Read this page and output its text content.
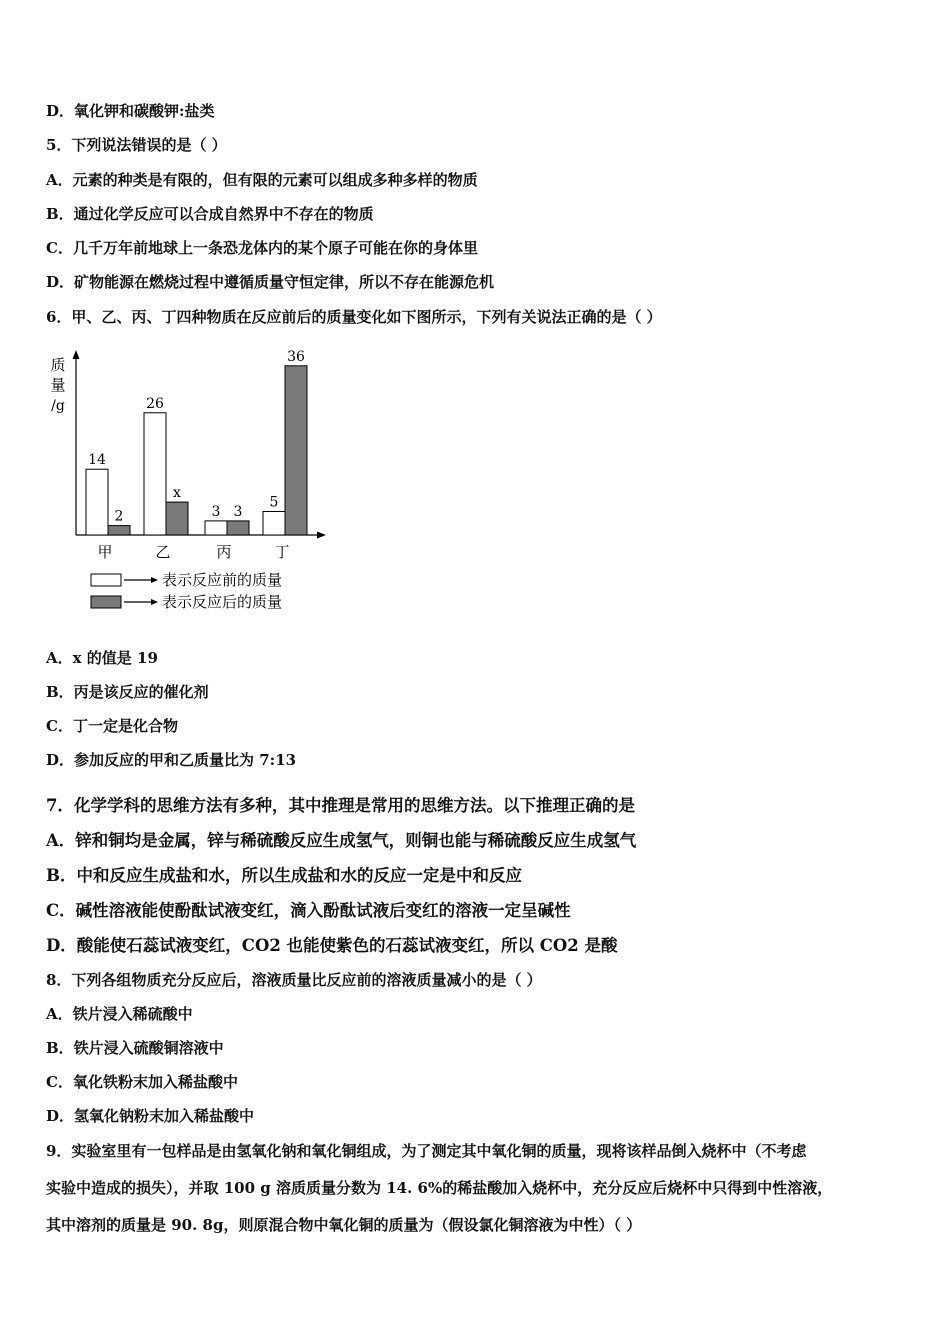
D．氧化钾和碳酸钾:盐类
5．下列说法错误的是（ ）
A．元素的种类是有限的，但有限的元素可以组成多种多样的物质
B．通过化学反应可以合成自然界中不存在的物质
C．几千万年前地球上一条恐龙体内的某个原子可能在你的身体里
D．矿物能源在燃烧过程中遵循质量守恒定律，所以不存在能源危机
6．甲、乙、丙、丁四种物质在反应前后的质量变化如下图所示，下列有关说法正确的是（ ）
质
量
/g
14
2
26
x
3 3
5
36
甲	乙	丙	丁
表示反应前的质量
表示反应后的质量
A．x 的值是 19
B．丙是该反应的催化剂
C．丁一定是化合物
D．参加反应的甲和乙质量比为 7:13
7．化学学科的思维方法有多种，其中推理是常用的思维方法。以下推理正确的是
A．锌和铜均是金属，锌与稀硫酸反应生成氢气，则铜也能与稀硫酸反应生成氢气
B．中和反应生成盐和水，所以生成盐和水的反应一定是中和反应
C．碱性溶液能使酚酞试液变红，滴入酚酞试液后变红的溶液一定呈碱性
D．酸能使石蕊试液变红，CO2 也能使紫色的石蕊试液变红，所以 CO2 是酸
8．下列各组物质充分反应后，溶液质量比反应前的溶液质量减小的是（ ）
A．铁片浸入稀硫酸中
B．铁片浸入硫酸铜溶液中
C．氧化铁粉末加入稀盐酸中
D．氢氧化钠粉末加入稀盐酸中
9．实验室里有一包样品是由氢氧化钠和氧化铜组成，为了测定其中氧化铜的质量，现将该样品倒入烧杯中（不考虑
实验中造成的损失），并取 100 g 溶质质量分数为 14. 6%的稀盐酸加入烧杯中，充分反应后烧杯中只得到中性溶液，
其中溶剂的质量是 90. 8g，则原混合物中氧化铜的质量为（假设氯化铜溶液为中性）（ ）
